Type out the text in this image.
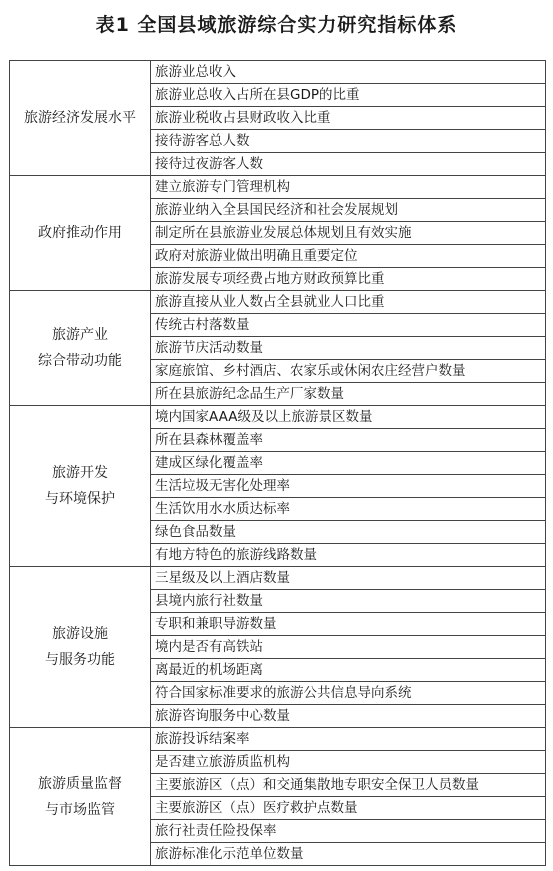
表1 全国县域旅游综合实力研究指标体系
旅游经济发展水平	旅游业总收入
	旅游业总收入占所在县GDP的比重
	旅游业税收占县财政收入比重
	接待游客总人数
	接待过夜游客人数

政府推动作用	建立旅游专门管理机构
	旅游业纳入全县国民经济和社会发展规划
	制定所在县旅游业发展总体规划且有效实施
	政府对旅游业做出明确且重要定位
	旅游发展专项经费占地方财政预算比重

旅游产业
综合带动功能	旅游直接从业人数占全县就业人口比重
	传统古村落数量
	旅游节庆活动数量
	家庭旅馆、乡村酒店、农家乐或休闲农庄经营户数量
	所在县旅游纪念品生产厂家数量

旅游开发
与环境保护	境内国家AAA级及以上旅游景区数量
	所在县森林覆盖率
	建成区绿化覆盖率
	生活垃圾无害化处理率
	生活饮用水水质达标率
	绿色食品数量
	有地方特色的旅游线路数量

旅游设施
与服务功能	三星级及以上酒店数量
	县境内旅行社数量
	专职和兼职导游数量
	境内是否有高铁站
	离最近的机场距离
	符合国家标准要求的旅游公共信息导向系统
	旅游咨询服务中心数量

旅游质量监督
与市场监管	旅游投诉结案率
	是否建立旅游质监机构
	主要旅游区（点）和交通集散地专职安全保卫人员数量
	主要旅游区（点）医疗救护点数量
	旅行社责任险投保率
	旅游标准化示范单位数量
